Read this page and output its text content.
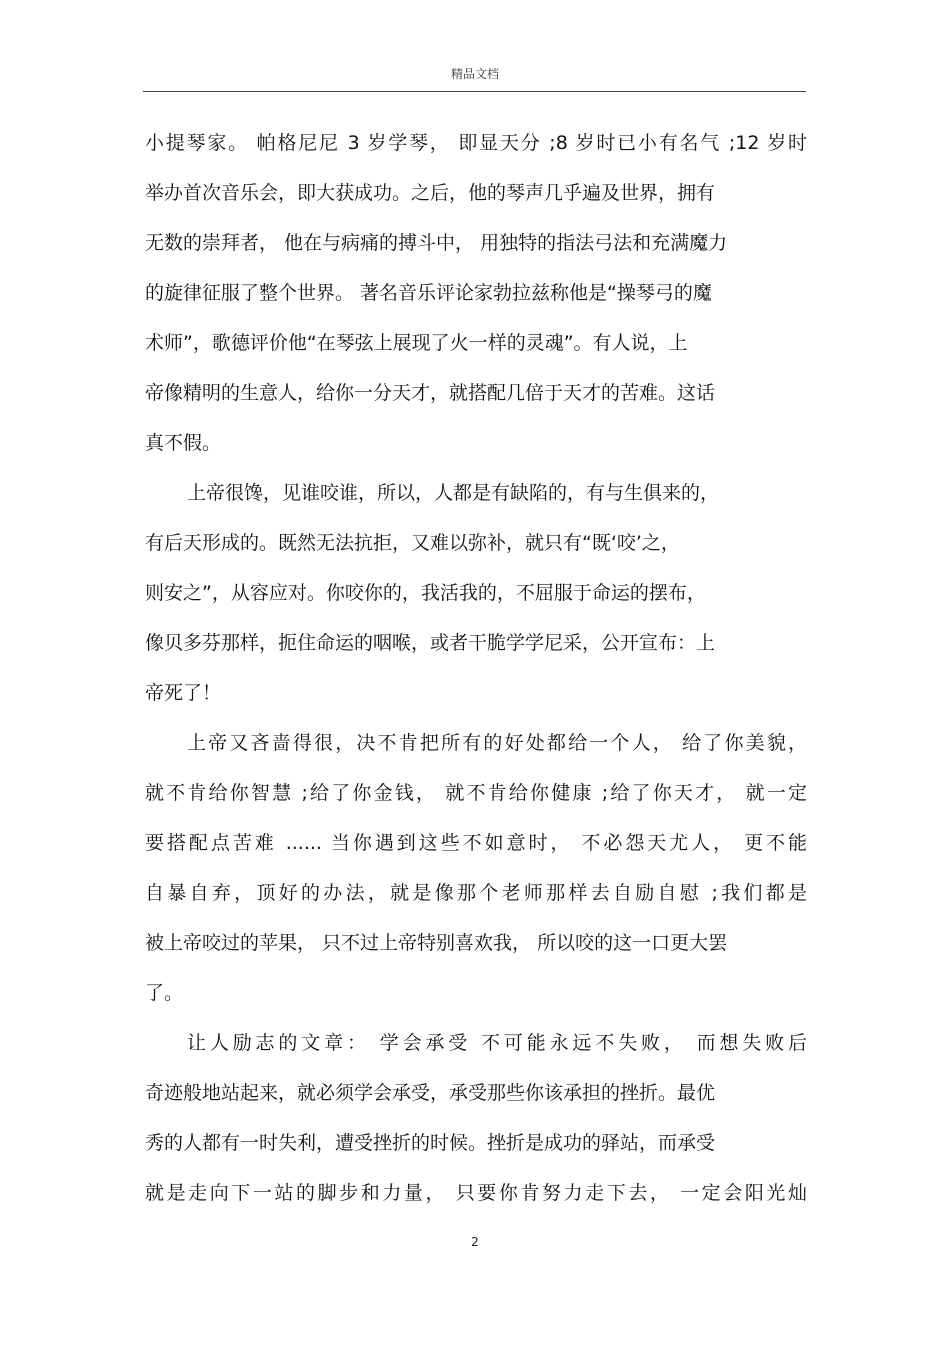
精品文档
小提琴家。 帕格尼尼 3 岁学琴， 即显天分 ;8 岁时已小有名气 ;12 岁时
举办首次音乐会，即大获成功。之后，他的琴声几乎遍及世界，拥有
无数的崇拜者， 他在与病痛的搏斗中， 用独特的指法弓法和充满魔力
的旋律征服了整个世界。 著名音乐评论家勃拉兹称他是“操琴弓的魔
术师”，歌德评价他“在琴弦上展现了火一样的灵魂”。有人说，上
帝像精明的生意人，给你一分天才，就搭配几倍于天才的苦难。这话
真不假。
上帝很馋，见谁咬谁，所以，人都是有缺陷的，有与生俱来的，
有后天形成的。既然无法抗拒，又难以弥补，就只有“既‘咬’之，
则安之”，从容应对。你咬你的，我活我的，不屈服于命运的摆布，
像贝多芬那样，扼住命运的咽喉，或者干脆学学尼采，公开宣布：上
帝死了！
上帝又吝啬得很，决不肯把所有的好处都给一个人， 给了你美貌，
就不肯给你智慧 ;给了你金钱， 就不肯给你健康 ;给了你天才， 就一定
要搭配点苦难 ...... 当你遇到这些不如意时， 不必怨天尤人， 更不能
自暴自弃，顶好的办法，就是像那个老师那样去自励自慰 ;我们都是
被上帝咬过的苹果， 只不过上帝特别喜欢我， 所以咬的这一口更大罢
了。
让人励志的文章： 学会承受 不可能永远不失败， 而想失败后
奇迹般地站起来，就必须学会承受，承受那些你该承担的挫折。最优
秀的人都有一时失利，遭受挫折的时候。挫折是成功的驿站，而承受
就是走向下一站的脚步和力量， 只要你肯努力走下去， 一定会阳光灿
2
